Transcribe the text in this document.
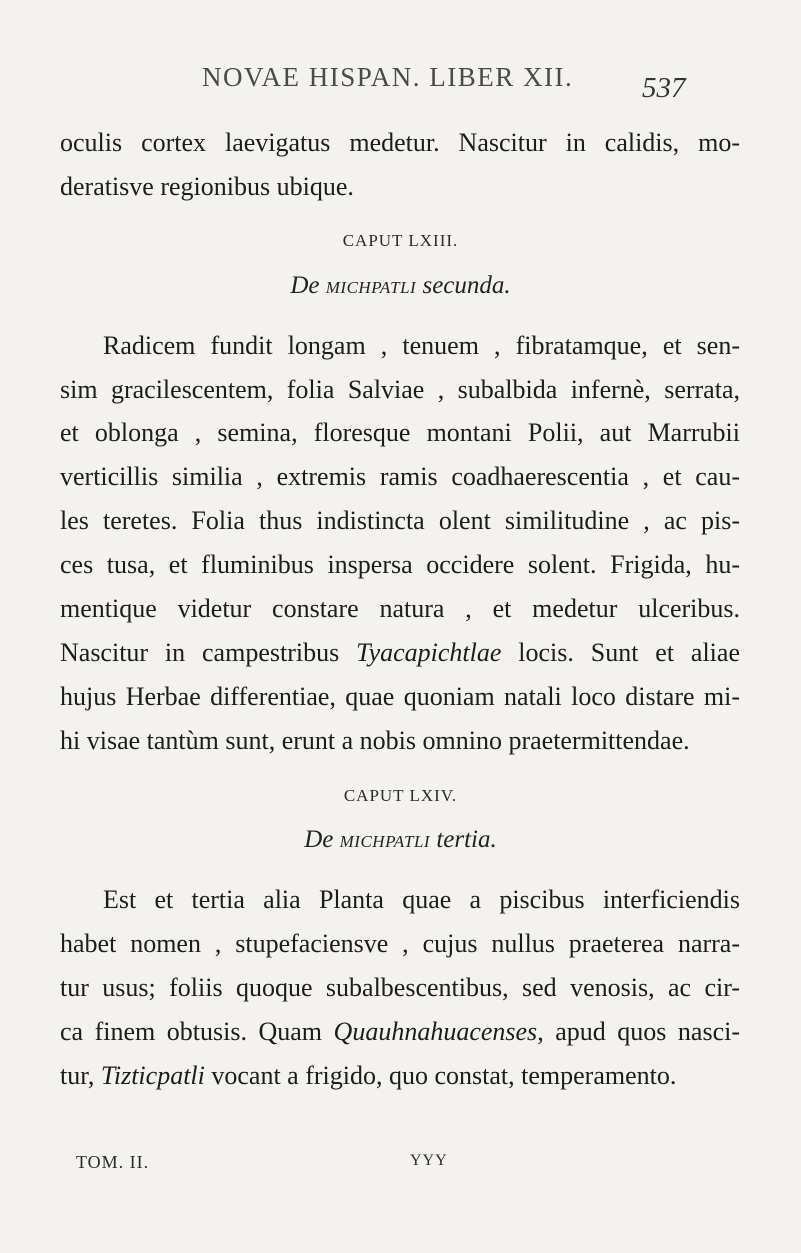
NOVAE HISPAN. LIBER XII. 537
oculis cortex laevigatus medetur. Nascitur in calidis, mo-
deratisve regionibus ubique.
CAPUT LXIII.
De MICHPATLI secunda.
Radicem fundit longam , tenuem , fibratamque, et sen-
sim gracilescentem, folia Salviae , subalbida infernè, serrata,
et oblonga , semina, floresque montani Polii, aut Marrubii
verticillis similia , extremis ramis coadhaerescentia , et cau-
les teretes. Folia thus indistincta olent similitudine , ac pis-
ces tusa, et fluminibus inspersa occidere solent. Frigida, hu-
mentique videtur constare natura , et medetur ulceribus.
Nascitur in campestribus Tyacapichtlae locis. Sunt et aliae
hujus Herbae differentiae, quae quoniam natali loco distare mi-
hi visae tantùm sunt, erunt a nobis omnino praetermittendae.
CAPUT LXIV.
De MICHPATLI tertia.
Est et tertia alia Planta quae a piscibus interficiendis
habet nomen , stupefaciensve , cujus nullus praeterea narra-
tur usus; foliis quoque subalbescentibus, sed venosis, ac cir-
ca finem obtusis. Quam Quauhnahuacenses, apud quos nasci-
tur, Tizticpatli vocant a frigido, quo constat, temperamento.
TOM. II.	YYY
